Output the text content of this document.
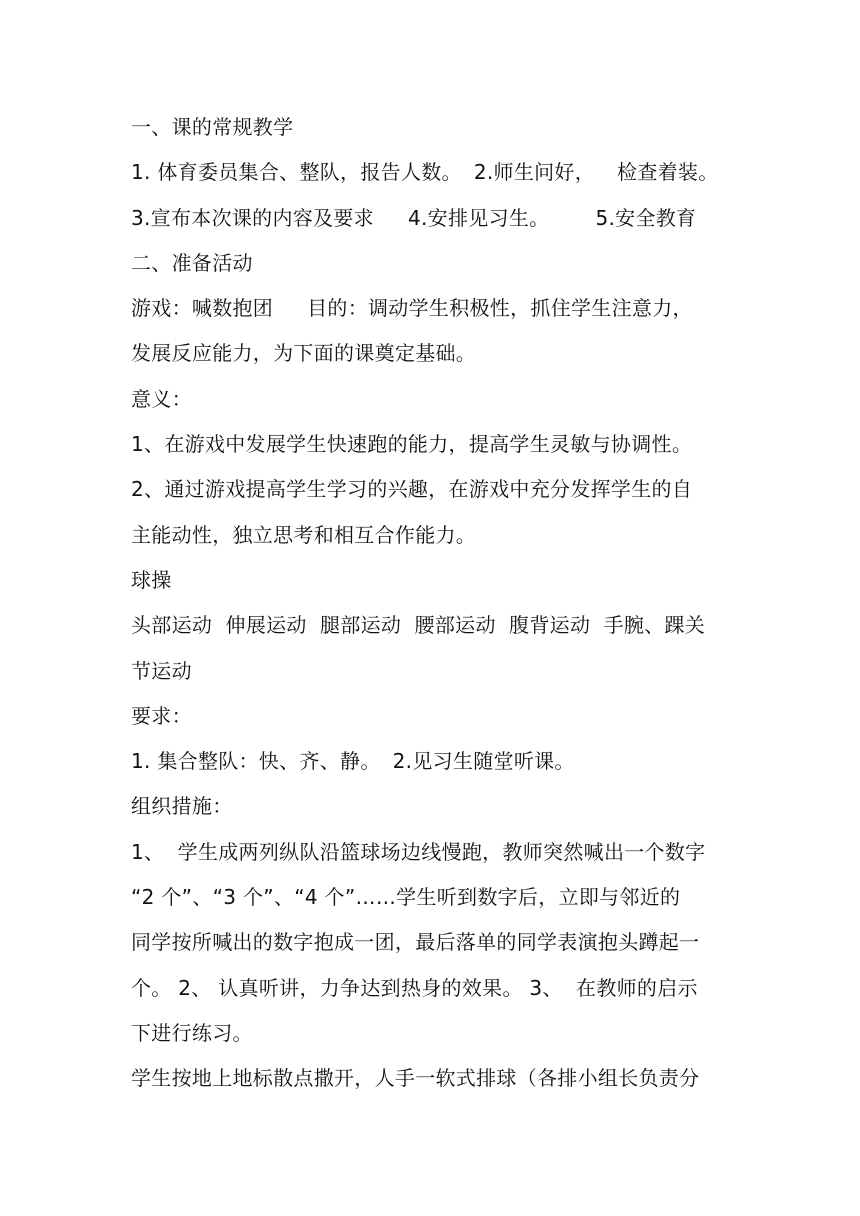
一、课的常规教学
1. 体育委员集合、整队，报告人数。 2.师生问好， 检查着装。
3.宣布本次课的内容及要求 4.安排见习生。 5.安全教育
二、准备活动
游戏：喊数抱团 目的：调动学生积极性，抓住学生注意力，
发展反应能力，为下面的课奠定基础。
意义：
1、在游戏中发展学生快速跑的能力，提高学生灵敏与协调性。
2、通过游戏提高学生学习的兴趣，在游戏中充分发挥学生的自
主能动性，独立思考和相互合作能力。
球操
头部运动  伸展运动  腿部运动  腰部运动  腹背运动  手腕、踝关
节运动
要求：
1. 集合整队：快、齐、静。 2.见习生随堂听课。
组织措施：
1、  学生成两列纵队沿篮球场边线慢跑，教师突然喊出一个数字
“2 个”、“3 个”、“4 个”……学生听到数字后，立即与邻近的
同学按所喊出的数字抱成一团，最后落单的同学表演抱头蹲起一
个。 2、 认真听讲，力争达到热身的效果。 3、  在教师的启示
下进行练习。
学生按地上地标散点撒开，人手一软式排球（各排小组长负责分
